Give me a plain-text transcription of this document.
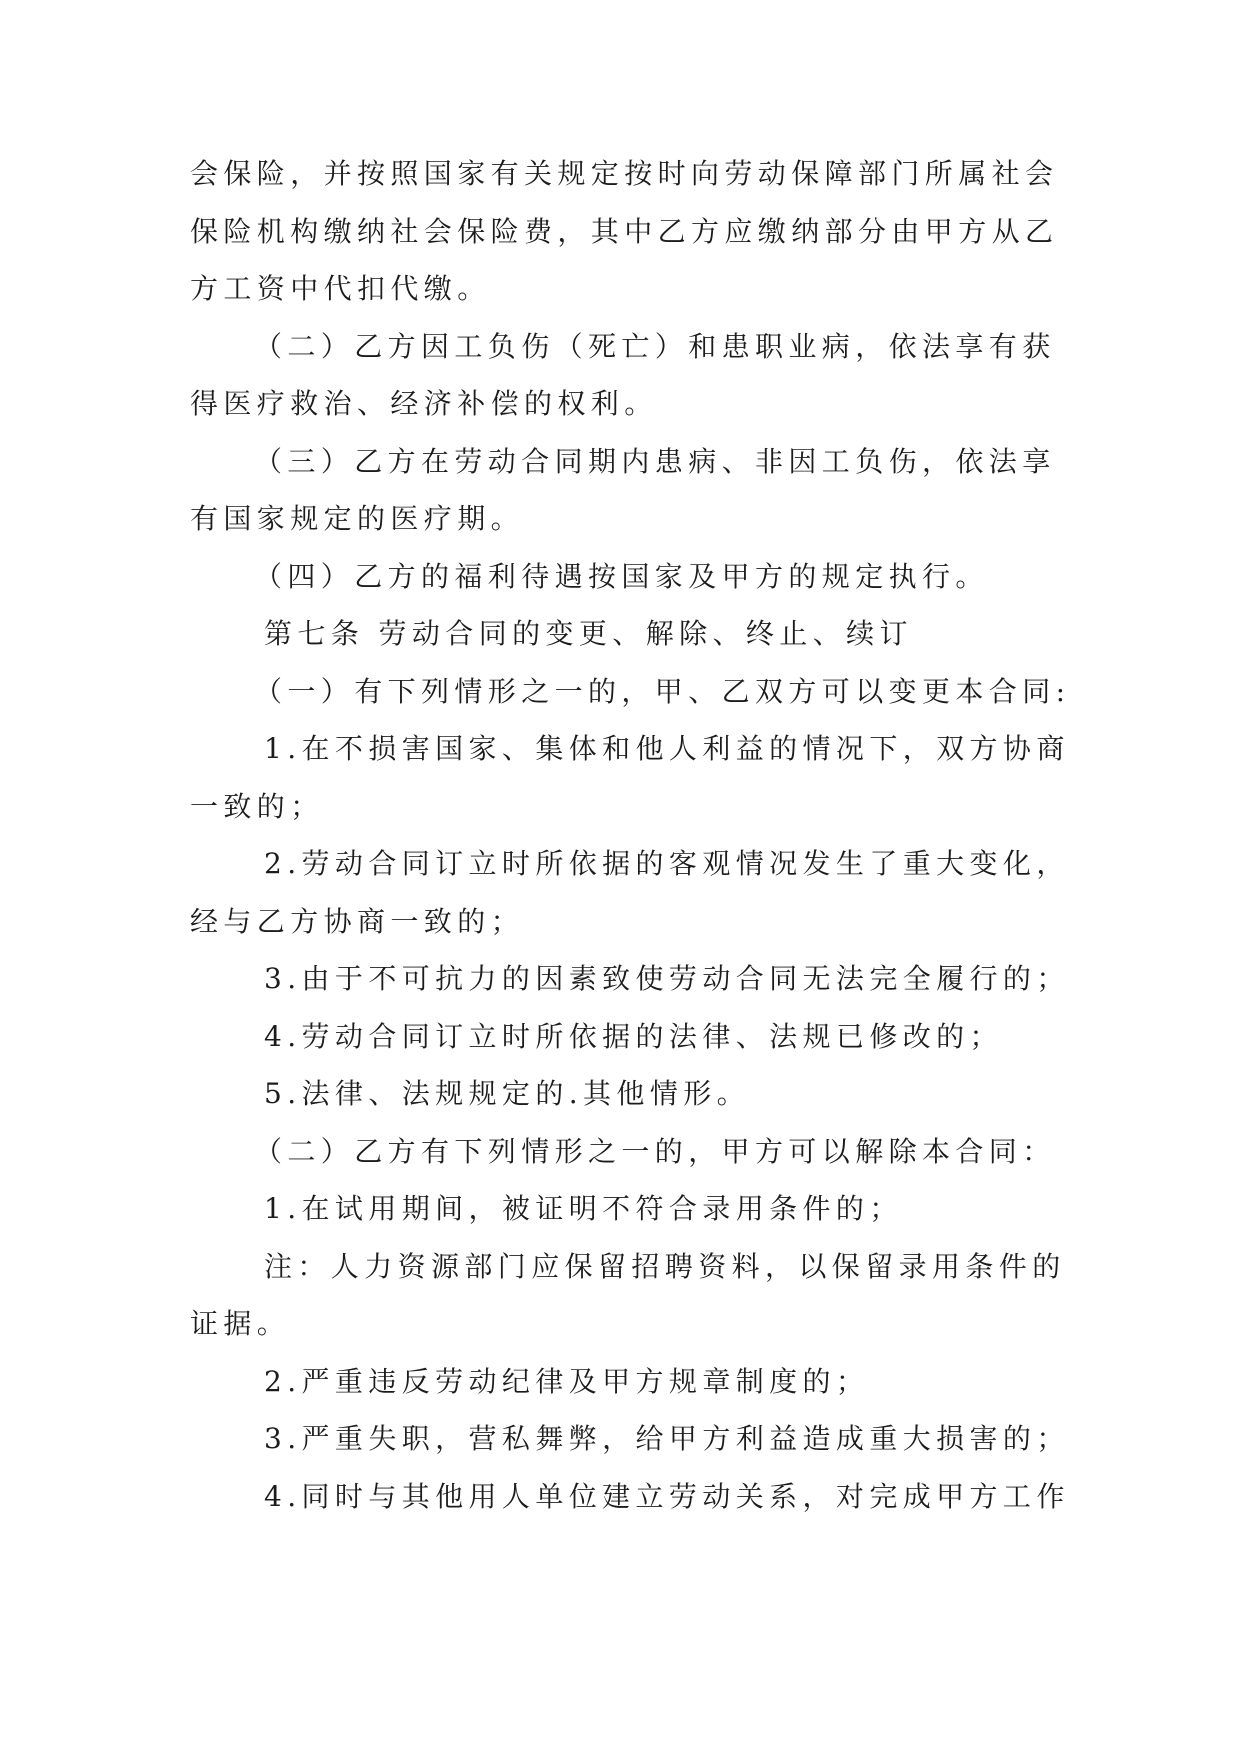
会保险，并按照国家有关规定按时向劳动保障部门所属社会
保险机构缴纳社会保险费，其中乙方应缴纳部分由甲方从乙
方工资中代扣代缴。
（二）乙方因工负伤（死亡）和患职业病，依法享有获
得医疗救治、经济补偿的权利。
（三）乙方在劳动合同期内患病、非因工负伤，依法享
有国家规定的医疗期。
（四）乙方的福利待遇按国家及甲方的规定执行。
第七条 劳动合同的变更、解除、终止、续订
（一）有下列情形之一的，甲、乙双方可以变更本合同:
1.在不损害国家、集体和他人利益的情况下，双方协商
一致的；
2.劳动合同订立时所依据的客观情况发生了重大变化，
经与乙方协商一致的；
3.由于不可抗力的因素致使劳动合同无法完全履行的；
4.劳动合同订立时所依据的法律、法规已修改的；
5.法律、法规规定的.其他情形。
（二）乙方有下列情形之一的，甲方可以解除本合同：
1.在试用期间，被证明不符合录用条件的；
注：人力资源部门应保留招聘资料，以保留录用条件的
证据。
2.严重违反劳动纪律及甲方规章制度的；
3.严重失职，营私舞弊，给甲方利益造成重大损害的；
4.同时与其他用人单位建立劳动关系，对完成甲方工作
